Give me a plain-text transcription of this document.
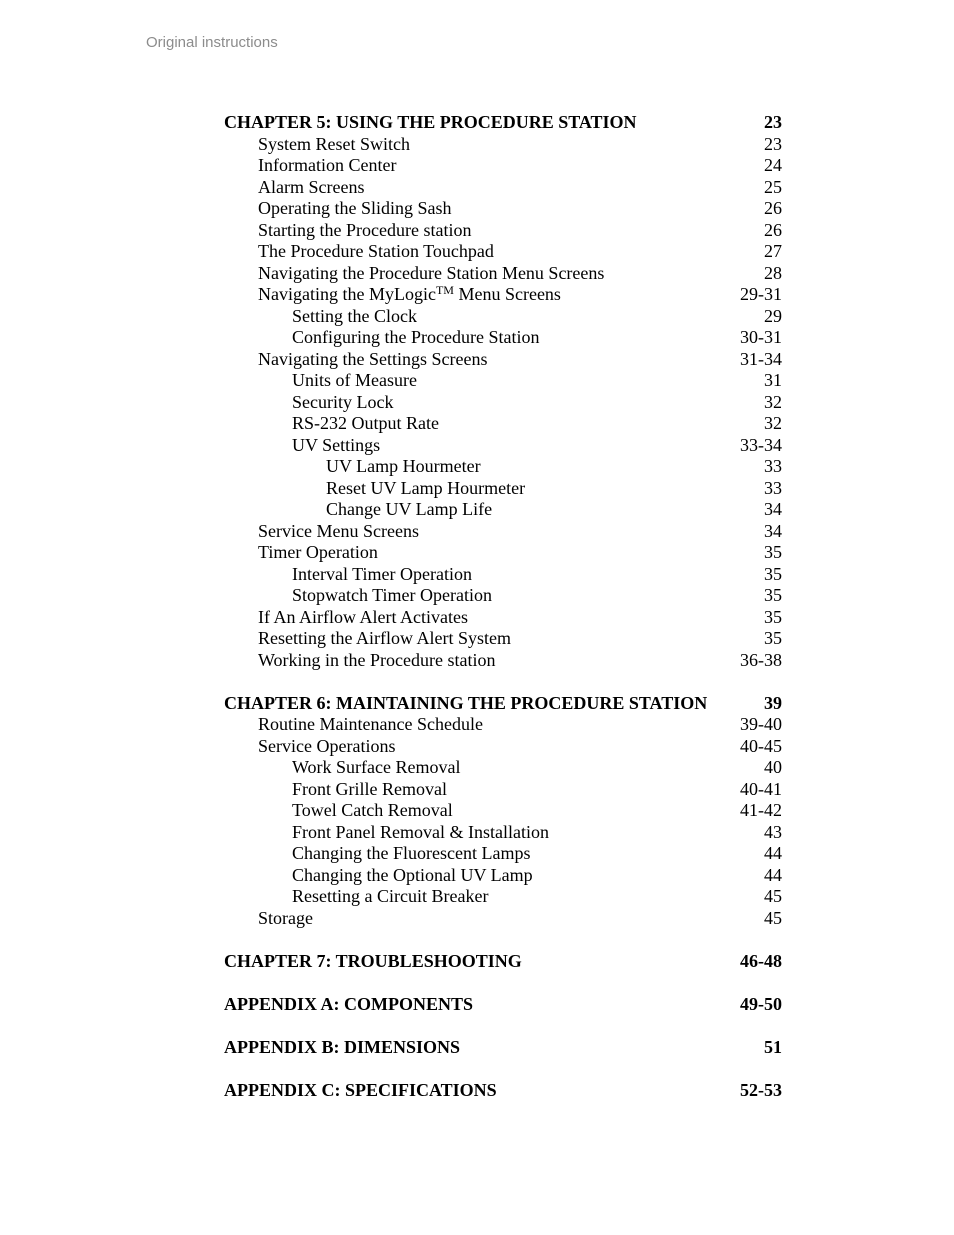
Original instructions
CHAPTER 5: USING THE PROCEDURE STATION	23
System Reset Switch	23
Information Center	24
Alarm Screens	25
Operating the Sliding Sash	26
Starting the Procedure station	26
The Procedure Station Touchpad	27
Navigating the Procedure Station Menu Screens	28
Navigating the MyLogic™ Menu Screens	29-31
Setting the Clock	29
Configuring the Procedure Station	30-31
Navigating the Settings Screens	31-34
Units of Measure	31
Security Lock	32
RS-232 Output Rate	32
UV Settings	33-34
UV Lamp Hourmeter	33
Reset UV Lamp Hourmeter	33
Change UV Lamp Life	34
Service Menu Screens	34
Timer Operation	35
Interval Timer Operation	35
Stopwatch Timer Operation	35
If An Airflow Alert Activates	35
Resetting the Airflow Alert System	35
Working in the Procedure station	36-38
CHAPTER 6: MAINTAINING THE PROCEDURE STATION	39
Routine Maintenance Schedule	39-40
Service Operations	40-45
Work Surface Removal	40
Front Grille Removal	40-41
Towel Catch Removal	41-42
Front Panel Removal & Installation	43
Changing the Fluorescent Lamps	44
Changing the Optional UV Lamp	44
Resetting a Circuit Breaker	45
Storage	45
CHAPTER 7: TROUBLESHOOTING	46-48
APPENDIX A: COMPONENTS	49-50
APPENDIX B: DIMENSIONS	51
APPENDIX C: SPECIFICATIONS	52-53
